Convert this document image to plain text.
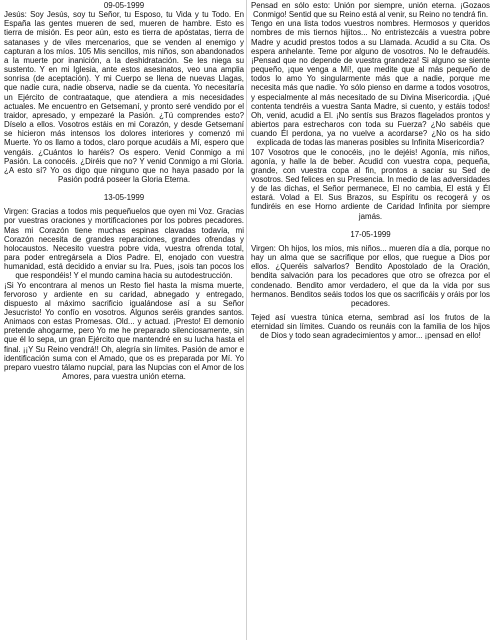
09-05-1999

Jesús: Soy Jesús, soy tu Señor, tu Esposo, tu Vida y tu Todo. En España las gentes mueren de sed, mueren de hambre. Esto es tierra de misión. Es peor aún, esto es tierra de apóstatas, tierra de satanases y de viles mercenarios, que se venden al enemigo y capturan a los míos. 105 Mis sencillos, mis niños, son abandonados a la muerte por inanición, a la deshidratación. Se les niega su sustento. Y en mi Iglesia, ante estos asesinatos, veo una amplia sonrisa (de aceptación). Y mi Cuerpo se llena de nuevas Llagas, que nadie cura, nadie observa, nadie se da cuenta. Yo necesitaría un Ejército de contraataque, que atendiera a mis necesidades actuales. Me encuentro en Getsemaní, y pronto seré vendido por el traidor, apresado, y empezaré la Pasión. ¿Tú comprendes esto? Díselo a ellos. Vosotros estáis en mi Corazón, y desde Getsemaní se hicieron más intensos los dolores interiores y comenzó mi Muerte. Yo os llamo a todos, claro porque acudáis a Mí, espero que vengáis. ¿Cuántos lo haréis? Os espero. Venid Conmigo a mi Pasión. La conocéis. ¿Diréis que no? Y venid Conmigo a mi Gloria. ¿A esto sí? Yo os digo que ninguno que no haya pasado por la Pasión podrá poseer la Gloria Eterna.

13-05-1999

Virgen: Gracias a todos mis pequeñuelos que oyen mi Voz. Gracias por vuestras oraciones y mortificaciones por los pobres pecadores. Mas mi Corazón tiene muchas espinas clavadas todavía, mi Corazón necesita de grandes reparaciones, grandes ofrendas y holocaustos. Necesito vuestra pobre vida, vuestra ofrenda total, para poder entregársela a Dios Padre. El, enojado con vuestra humanidad, está decidido a enviar su Ira. Pues, ¡sois tan pocos los que respondéis! Y el mundo camina hacia su autodestrucción.

¡Si Yo encontrara al menos un Resto fiel hasta la misma muerte, fervoroso y ardiente en su caridad, abnegado y entregado, dispuesto al máximo sacrificio igualándose así a su Señor Jesucristo! Yo confío en vosotros. Algunos seréis grandes santos. Animaos con estas Promesas. Old... y actuad. ¡Presto! El demonio pretende ahogarme, pero Yo me he preparado silenciosamente, sin que él lo sepa, un gran Ejército que mantendré en su lucha hasta el final. ¡¡Y Su Reino vendrá!! Oh, alegría sin límites. Pasión de amor e identificación suma con el Amado, que os es preparada por Mí. Yo preparo vuestro tálamo nupcial, para las Nupcias con el Amor de los Amores, para vuestra unión eterna.

Pensad en sólo esto: Unión por siempre, unión eterna. ¡Gozaos Conmigo! Sentid que su Reino está al venir, su Reino no tendrá fin.

Tengo en una lista todos vuestros nombres. Hermosos y queridos nombres de mis tiernos hijitos... No entristezcáis a vuestra pobre Madre y acudid prestos todos a su Llamada. Acudid a su Cita. Os espera anhelante. Teme por alguno de vosotros. No le defraudéis. ¡Pensad que no depende de vuestra grandeza! Si alguno se siente pequeño, ¡que venga a Mí!, que medite que al más pequeño de todos lo amo Yo singularmente más que a nadie, porque me necesita más que nadie. Yo sólo pienso en darme a todos vosotros, y especialmente al más necesitado de su Divina Misericordia. ¡Qué contenta tendréis a vuestra Santa Madre, si cuento, y estáis todos! Oh, venid, acudid a El. ¡No sentís sus Brazos flagelados prontos y abiertos para estrecharos con toda su Fuerza? ¿No sabéis que cuando Él perdona, ya no vuelve a acordarse? ¿No os ha sido explicada de todas las maneras posibles su Infinita Misericordia?

107 Vosotros que le conocéis, ¡no le dejéis! Agonía, mis niños, agonía, y halle la de beber. Acudid con vuestra copa, pequeña, grande, con vuestra copa al fin, prontos a saciar su Sed de vosotros. Sed felices en su Presencia. In medio de las adversidades y de las dichas, el Señor permanece, El no cambia, El está y Él estará. Volad a El. Sus Brazos, su Espíritu os recogerá y os fundiréis en ese Horno ardiente de Caridad Infinita por siempre jamás.

17-05-1999

Virgen: Oh hijos, los míos, mis niños... mueren día a día, porque no hay un alma que se sacrifique por ellos, que ruegue a Dios por ellos. ¿Queréis salvarlos? Bendito Apostolado de la Oración, bendita salvación para los pecadores que otro se ofrezca por el condenado. Bendito amor verdadero, el que da la vida por sus hermanos. Benditos seáis todos los que os sacrificáis y oráis por los pecadores.

Tejed así vuestra túnica eterna, sembrad así los frutos de la eternidad sin límites. Cuando os reunáis con la familia de los hijos de Dios y todo sean agradecimientos y amor... ¡pensad en ello!
